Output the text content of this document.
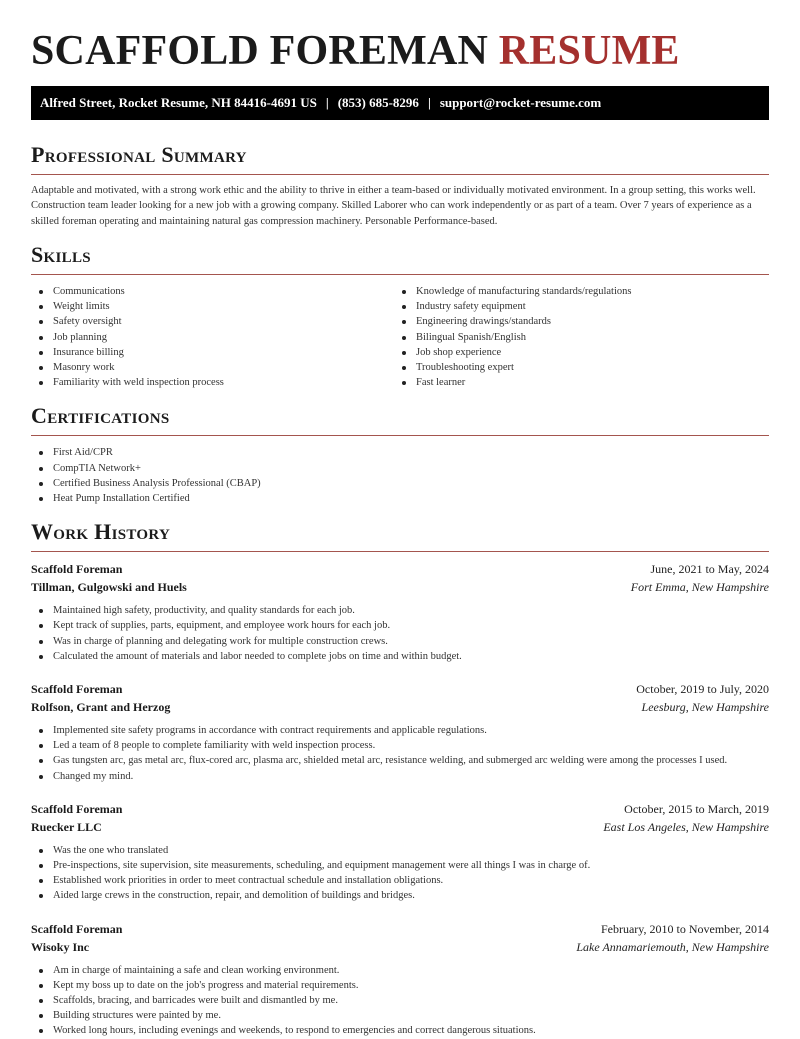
SCAFFOLD FOREMAN RESUME
Alfred Street, Rocket Resume, NH 84416-4691 US | (853) 685-8296 | support@rocket-resume.com
Professional Summary

Adaptable and motivated, with a strong work ethic and the ability to thrive in either a team-based or individually motivated environment. In a group setting, this works well. Construction team leader looking for a new job with a growing company. Skilled Laborer who can work independently or as part of a team. Over 7 years of experience as a skilled foreman operating and maintaining natural gas compression machinery. Personable Performance-based.

Skills
Communications
Weight limits
Safety oversight
Job planning
Insurance billing
Masonry work
Familiarity with weld inspection process
Knowledge of manufacturing standards/regulations
Industry safety equipment
Engineering drawings/standards
Bilingual Spanish/English
Job shop experience
Troubleshooting expert
Fast learner
Certifications
First Aid/CPR
CompTIA Network+
Certified Business Analysis Professional (CBAP)
Heat Pump Installation Certified
Work History
Scaffold Foreman	June, 2021 to May, 2024
Tillman, Gulgowski and Huels	Fort Emma, New Hampshire
Maintained high safety, productivity, and quality standards for each job.
Kept track of supplies, parts, equipment, and employee work hours for each job.
Was in charge of planning and delegating work for multiple construction crews.
Calculated the amount of materials and labor needed to complete jobs on time and within budget.
Scaffold Foreman	October, 2019 to July, 2020
Rolfson, Grant and Herzog	Leesburg, New Hampshire
Implemented site safety programs in accordance with contract requirements and applicable regulations.
Led a team of 8 people to complete familiarity with weld inspection process.
Gas tungsten arc, gas metal arc, flux-cored arc, plasma arc, shielded metal arc, resistance welding, and submerged arc welding were among the processes I used.
Changed my mind.
Scaffold Foreman	October, 2015 to March, 2019
Ruecker LLC	East Los Angeles, New Hampshire
Was the one who translated
Pre-inspections, site supervision, site measurements, scheduling, and equipment management were all things I was in charge of.
Established work priorities in order to meet contractual schedule and installation obligations.
Aided large crews in the construction, repair, and demolition of buildings and bridges.
Scaffold Foreman	February, 2010 to November, 2014
Wisoky Inc	Lake Annamariemouth, New Hampshire
Am in charge of maintaining a safe and clean working environment.
Kept my boss up to date on the job's progress and material requirements.
Scaffolds, bracing, and barricades were built and dismantled by me.
Building structures were painted by me.
Worked long hours, including evenings and weekends, to respond to emergencies and correct dangerous situations.
